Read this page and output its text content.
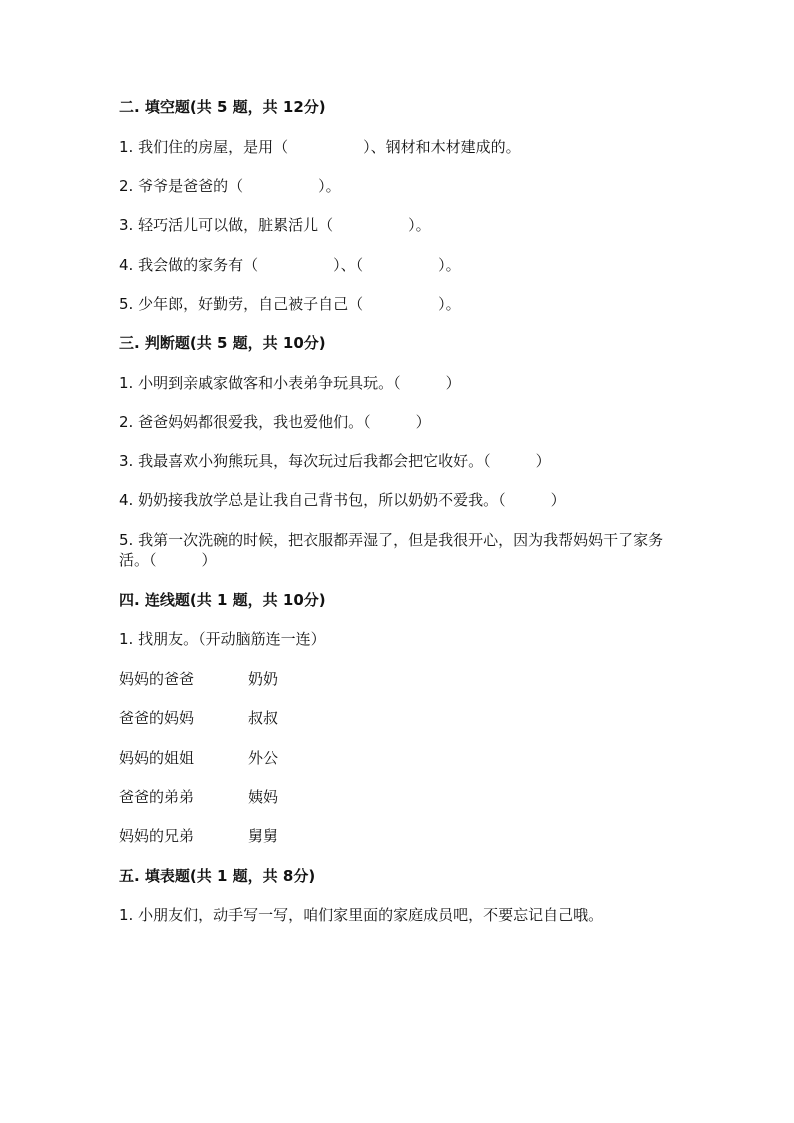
二. 填空题(共 5 题，共 12分)
1. 我们住的房屋，是用（　　　　　）、钢材和木材建成的。
2. 爷爷是爸爸的（　　　　　）。
3. 轻巧活儿可以做，脏累活儿（　　　　　）。
4. 我会做的家务有（　　　　　）、（　　　　　）。
5. 少年郎，好勤劳，自己被子自己（　　　　　）。
三. 判断题(共 5 题，共 10分)
1. 小明到亲戚家做客和小表弟争玩具玩。（　　　）
2. 爸爸妈妈都很爱我，我也爱他们。（　　　）
3. 我最喜欢小狗熊玩具，每次玩过后我都会把它收好。（　　　）
4. 奶奶接我放学总是让我自己背书包，所以奶奶不爱我。（　　　）
5. 我第一次洗碗的时候，把衣服都弄湿了，但是我很开心，因为我帮妈妈干了家务活。（　　　）
四. 连线题(共 1 题，共 10分)
1. 找朋友。（开动脑筋连一连）
妈妈的爸爸	奶奶
爸爸的妈妈	叔叔
妈妈的姐姐	外公
爸爸的弟弟	姨妈
妈妈的兄弟	舅舅
五. 填表题(共 1 题，共 8分)
1. 小朋友们，动手写一写，咱们家里面的家庭成员吧，不要忘记自己哦。
